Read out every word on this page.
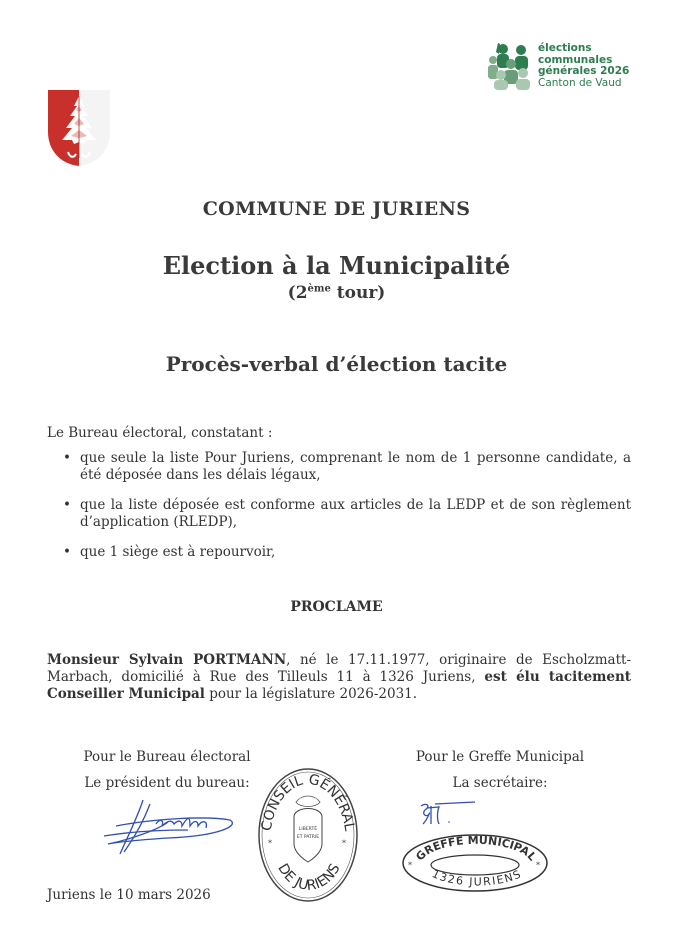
élections
communales
générales 2026
Canton de Vaud
COMMUNE DE JURIENS
Election à la Municipalité
(2ème tour)
Procès-verbal d’élection tacite
Le Bureau électoral, constatant :
• que seule la liste Pour Juriens, comprenant le nom de 1 personne candidate, a été déposée dans les délais légaux,
• que la liste déposée est conforme aux articles de la LEDP et de son règlement d’application (RLEDP),
• que 1 siège est à repourvoir,
PROCLAME
Monsieur Sylvain PORTMANN, né le 17.11.1977, originaire de Escholzmatt-Marbach, domicilié à Rue des Tilleuls 11 à 1326 Juriens, est élu tacitement Conseiller Municipal pour la législature 2026-2031.
Pour le Bureau électoral
Le président du bureau:
Pour le Greffe Municipal
La secrétaire:
CONSEIL GÉNÉRAL
DE JURIENS
LIBERTÉ
ET PATRIE
*	*
GREFFE MUNICIPAL
1326 JURIENS
*	*
Juriens le 10 mars 2026
